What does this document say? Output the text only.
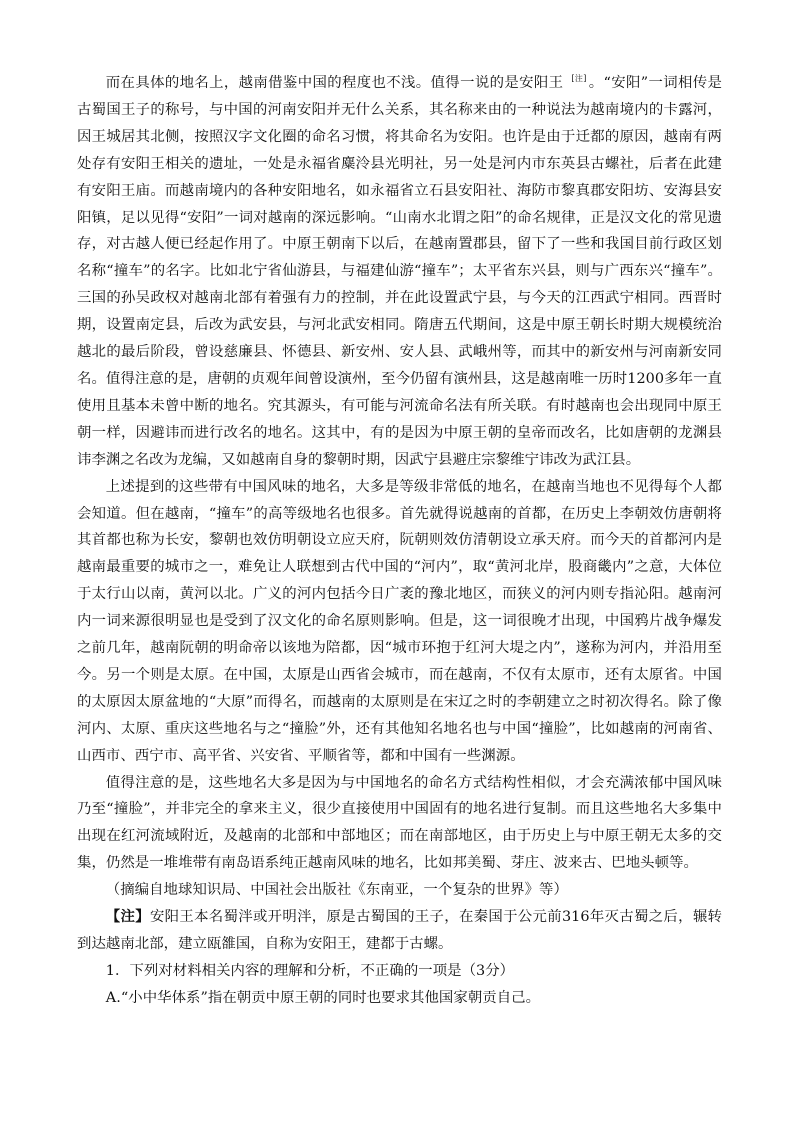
而在具体的地名上，越南借鉴中国的程度也不浅。值得一说的是安阳王 [注] 。“安阳”一词相传是古蜀国王子的称号，与中国的河南安阳并无什么关系，其名称来由的一种说法为越南境内的卡露河，因王城居其北侧，按照汉字文化圈的命名习惯，将其命名为安阳。也许是由于迁都的原因，越南有两处存有安阳王相关的遗址，一处是永福省麋泠县光明社，另一处是河内市东英县古螺社，后者在此建有安阳王庙。而越南境内的各种安阳地名，如永福省立石县安阳社、海防市黎真郡安阳坊、安海县安阳镇，足以见得“安阳”一词对越南的深远影响。“山南水北谓之阳”的命名规律，正是汉文化的常见遗存，对古越人便已经起作用了。中原王朝南下以后，在越南置郡县，留下了一些和我国目前行政区划名称“撞车”的名字。比如北宁省仙游县，与福建仙游“撞车”；太平省东兴县，则与广西东兴“撞车”。三国的孙吴政权对越南北部有着强有力的控制，并在此设置武宁县，与今天的江西武宁相同。西晋时期，设置南定县，后改为武安县，与河北武安相同。隋唐五代期间，这是中原王朝长时期大规模统治越北的最后阶段，曾设慈廉县、怀德县、新安州、安人县、武峨州等，而其中的新安州与河南新安同名。值得注意的是，唐朝的贞观年间曾设演州，至今仍留有演州县，这是越南唯一历时1200多年一直使用且基本未曾中断的地名。究其源头，有可能与河流命名法有所关联。有时越南也会出现同中原王朝一样，因避讳而进行改名的地名。这其中，有的是因为中原王朝的皇帝而改名，比如唐朝的龙渊县讳李渊之名改为龙编，又如越南自身的黎朝时期，因武宁县避庄宗黎维宁讳改为武江县。

上述提到的这些带有中国风味的地名，大多是等级非常低的地名，在越南当地也不见得每个人都会知道。但在越南，“撞车”的高等级地名也很多。首先就得说越南的首都，在历史上李朝效仿唐朝将其首都也称为长安，黎朝也效仿明朝设立应天府，阮朝则效仿清朝设立承天府。而今天的首都河内是越南最重要的城市之一，难免让人联想到古代中国的“河内”，取“黄河北岸，股商畿内”之意，大体位于太行山以南，黄河以北。广义的河内包括今日广袤的豫北地区，而狭义的河内则专指沁阳。越南河内一词来源很明显也是受到了汉文化的命名原则影响。但是，这一词很晚才出现，中国鸦片战争爆发之前几年，越南阮朝的明命帝以该地为陪都，因“城市环抱于红河大堤之内”，遂称为河内，并沿用至今。另一个则是太原。在中国，太原是山西省会城市，而在越南，不仅有太原市，还有太原省。中国的太原因太原盆地的“大原”而得名，而越南的太原则是在宋辽之时的李朝建立之时初次得名。除了像河内、太原、重庆这些地名与之“撞脸”外，还有其他知名地名也与中国“撞脸”，比如越南的河南省、山西市、西宁市、高平省、兴安省、平顺省等，都和中国有一些渊源。

值得注意的是，这些地名大多是因为与中国地名的命名方式结构性相似，才会充满浓郁中国风味乃至“撞脸”，并非完全的拿来主义，很少直接使用中国固有的地名进行复制。而且这些地名大多集中出现在红河流域附近，及越南的北部和中部地区；而在南部地区，由于历史上与中原王朝无太多的交集，仍然是一堆堆带有南岛语系纯正越南风味的地名，比如邦美蜀、芽庄、波来古、巴地头顿等。

（摘编自地球知识局、中国社会出版社《东南亚，一个复杂的世界》等）

【注】安阳王本名蜀泮或开明泮，原是古蜀国的王子，在秦国于公元前316年灭古蜀之后，辗转到达越南北部，建立瓯雒国，自称为安阳王，建都于古螺。

1．下列对材料相关内容的理解和分析，不正确的一项是（3分）

A.“小中华体系”指在朝贡中原王朝的同时也要求其他国家朝贡自己。
